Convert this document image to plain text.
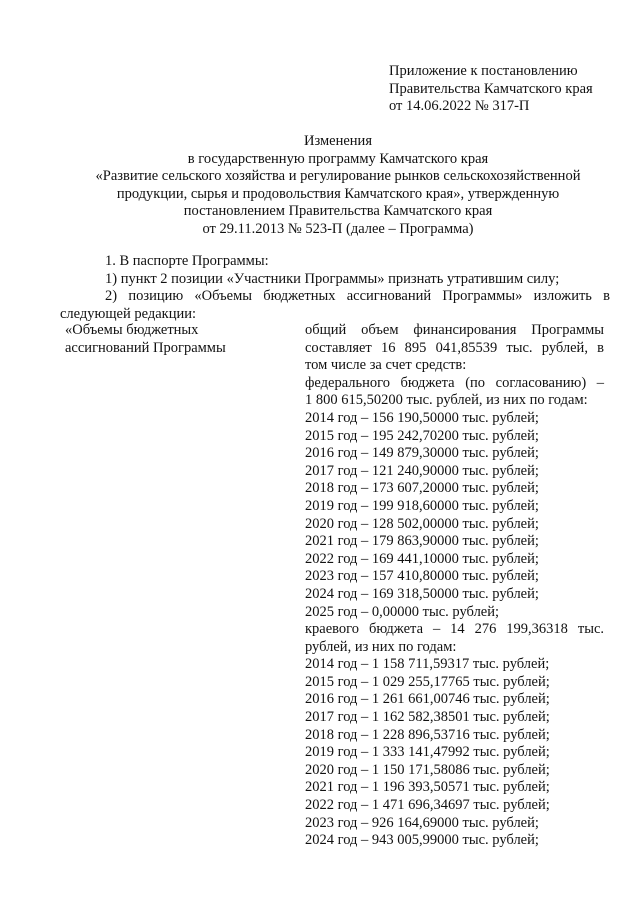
Приложение к постановлению
Правительства Камчатского края
от 14.06.2022 № 317-П
Изменения
в государственную программу Камчатского края
«Развитие сельского хозяйства и регулирование рынков сельскохозяйственной
продукции, сырья и продовольствия Камчатского края», утвержденную
постановлением Правительства Камчатского края
от 29.11.2013 № 523-П (далее – Программа)
1. В паспорте Программы:
1) пункт 2 позиции «Участники Программы» признать утратившим силу;
2) позицию «Объемы бюджетных ассигнований Программы» изложить в
следующей редакции:
«Объемы бюджетных
ассигнований Программы
общий объем финансирования Программы
составляет 16 895 041,85539 тыс. рублей, в
том числе за счет средств:
федерального бюджета (по согласованию) –
1 800 615,50200 тыс. рублей, из них по годам:
2014 год – 156 190,50000 тыс. рублей;
2015 год – 195 242,70200 тыс. рублей;
2016 год – 149 879,30000 тыс. рублей;
2017 год – 121 240,90000 тыс. рублей;
2018 год – 173 607,20000 тыс. рублей;
2019 год – 199 918,60000 тыс. рублей;
2020 год – 128 502,00000 тыс. рублей;
2021 год – 179 863,90000 тыс. рублей;
2022 год – 169 441,10000 тыс. рублей;
2023 год – 157 410,80000 тыс. рублей;
2024 год – 169 318,50000 тыс. рублей;
2025 год – 0,00000 тыс. рублей;
краевого бюджета – 14 276 199,36318 тыс.
рублей, из них по годам:
2014 год – 1 158 711,59317 тыс. рублей;
2015 год – 1 029 255,17765 тыс. рублей;
2016 год – 1 261 661,00746 тыс. рублей;
2017 год – 1 162 582,38501 тыс. рублей;
2018 год – 1 228 896,53716 тыс. рублей;
2019 год – 1 333 141,47992 тыс. рублей;
2020 год – 1 150 171,58086 тыс. рублей;
2021 год – 1 196 393,50571 тыс. рублей;
2022 год – 1 471 696,34697 тыс. рублей;
2023 год – 926 164,69000 тыс. рублей;
2024 год – 943 005,99000 тыс. рублей;
